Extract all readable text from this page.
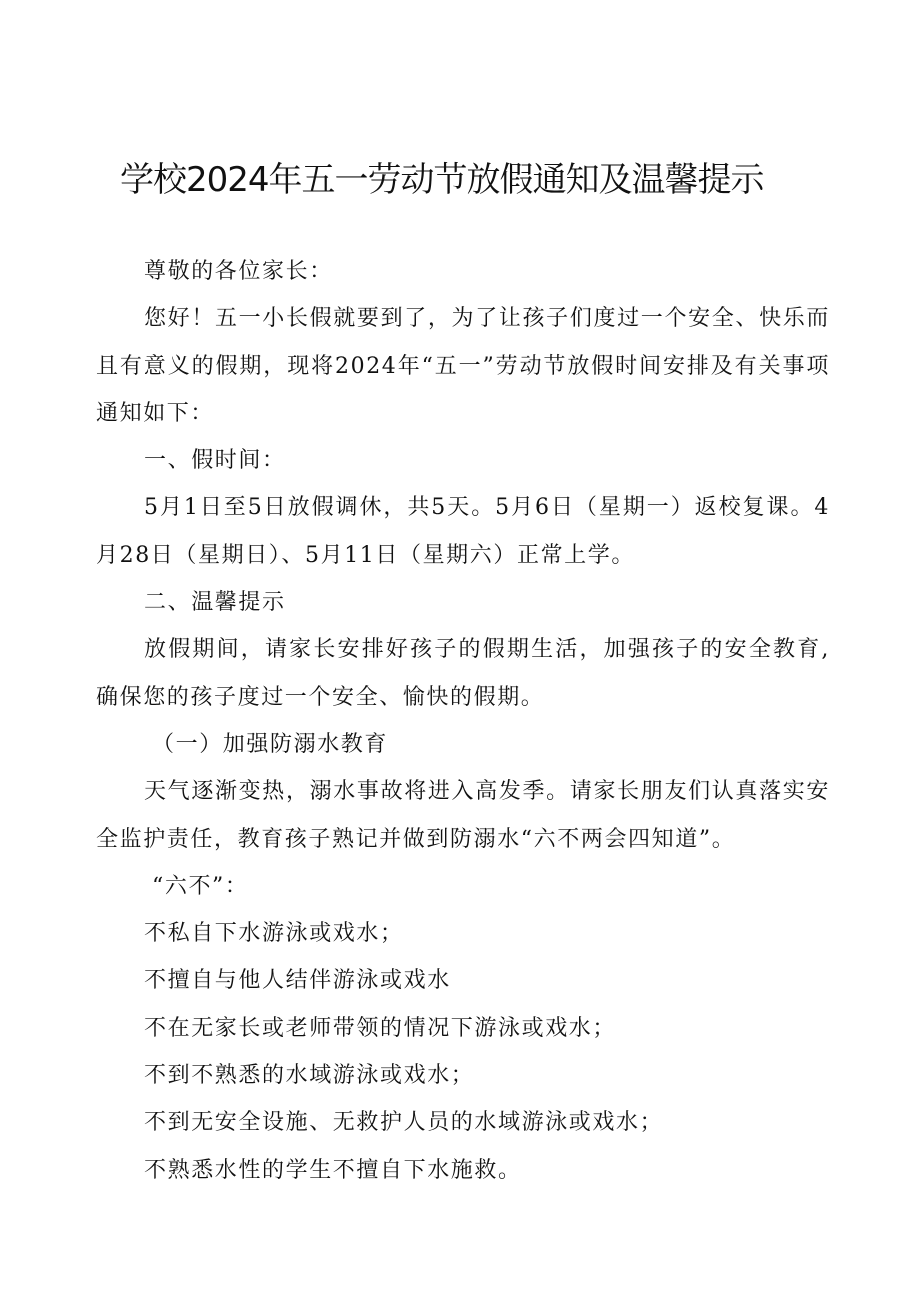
学校2024年五一劳动节放假通知及温馨提示

尊敬的各位家长：

您好！五一小长假就要到了，为了让孩子们度过一个安全、快乐而且有意义的假期，现将2024年“五一”劳动节放假时间安排及有关事项通知如下：

一、假时间：

5月1日至5日放假调休，共5天。5月6日（星期一）返校复课。4月28日（星期日）、5月11日（星期六）正常上学。

二、温馨提示

放假期间，请家长安排好孩子的假期生活，加强孩子的安全教育,确保您的孩子度过一个安全、愉快的假期。

（一）加强防溺水教育

天气逐渐变热，溺水事故将进入高发季。请家长朋友们认真落实安全监护责任，教育孩子熟记并做到防溺水“六不两会四知道”。

“六不”：

不私自下水游泳或戏水；

不擅自与他人结伴游泳或戏水

不在无家长或老师带领的情况下游泳或戏水；

不到不熟悉的水域游泳或戏水；

不到无安全设施、无救护人员的水域游泳或戏水；

不熟悉水性的学生不擅自下水施救。
